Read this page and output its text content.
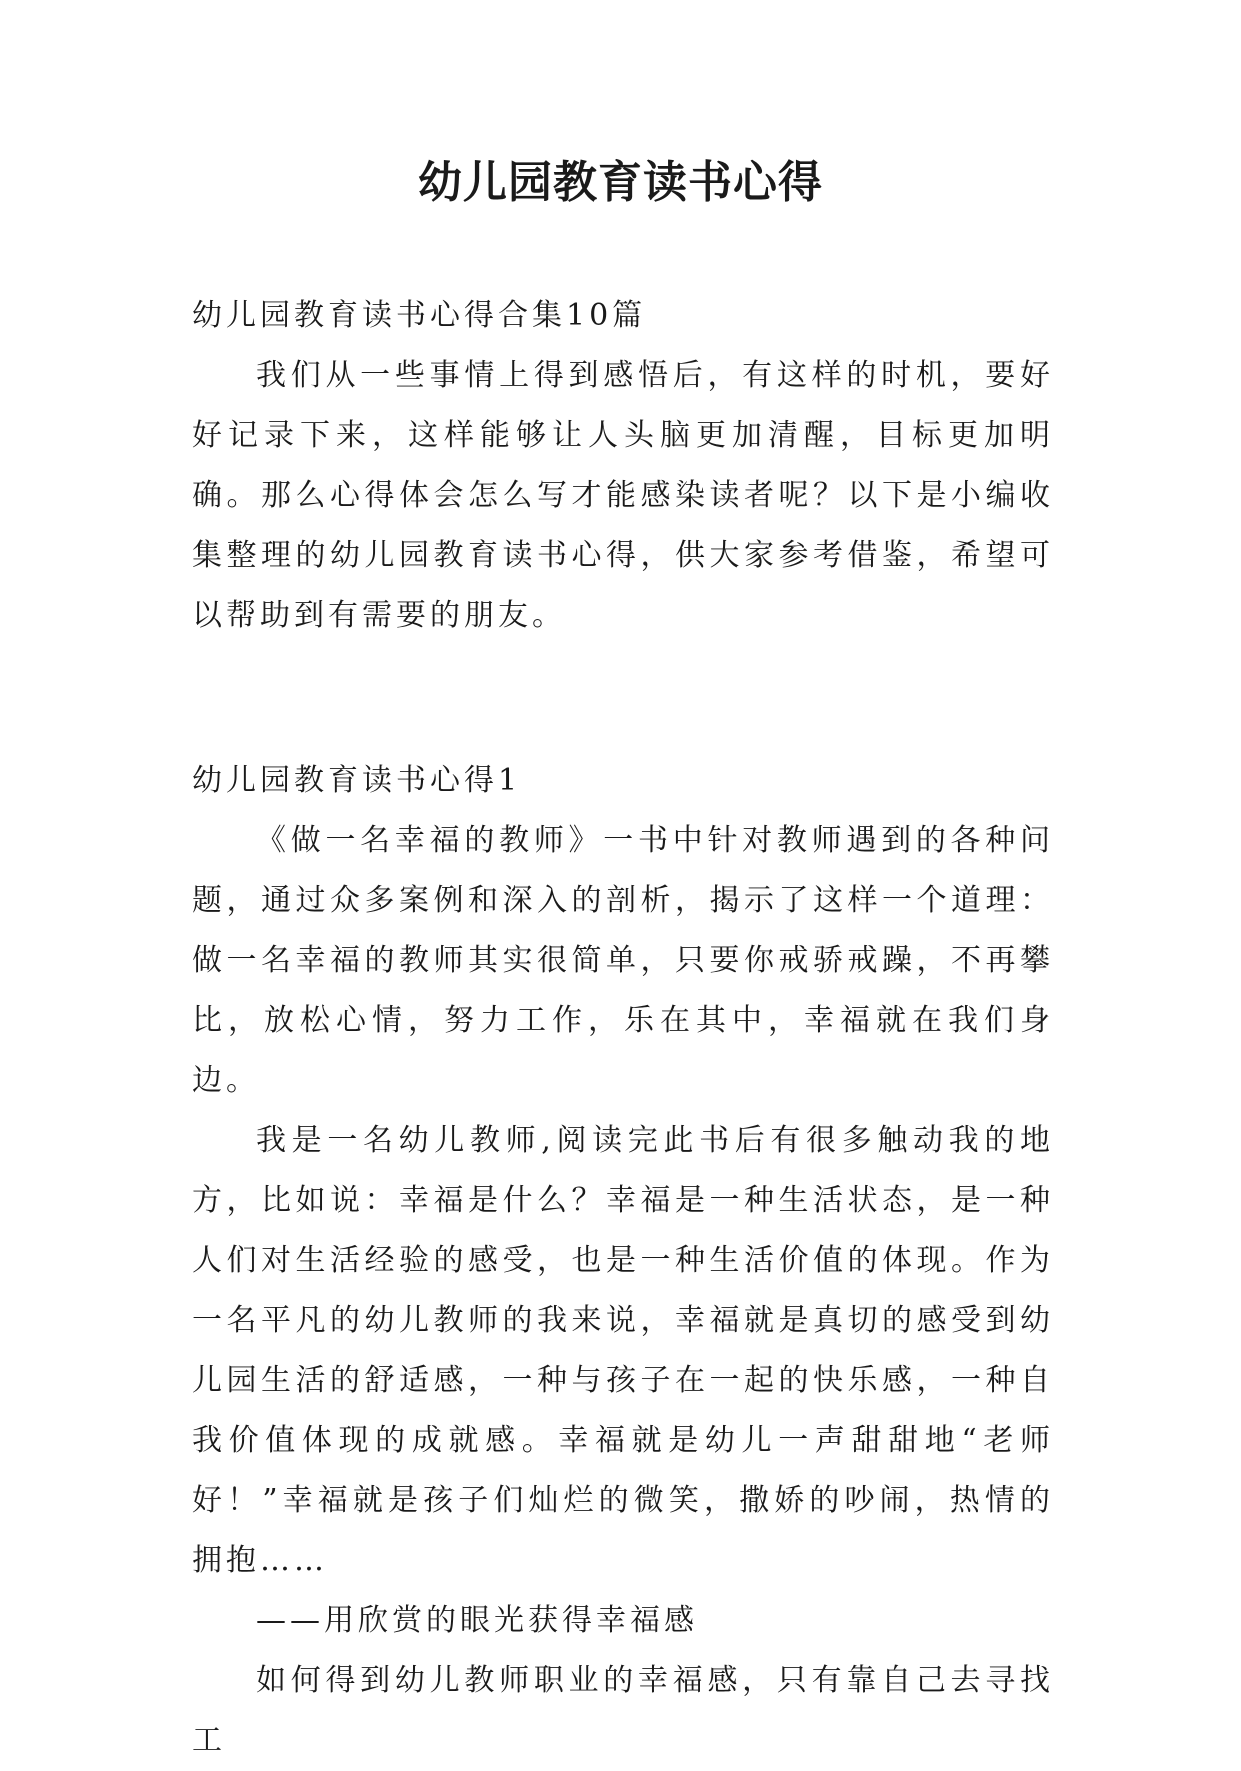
幼儿园教育读书心得
幼儿园教育读书心得合集10篇
我们从一些事情上得到感悟后，有这样的时机，要好好记录下来，这样能够让人头脑更加清醒，目标更加明确。那么心得体会怎么写才能感染读者呢？以下是小编收集整理的幼儿园教育读书心得，供大家参考借鉴，希望可以帮助到有需要的朋友。
幼儿园教育读书心得1
《做一名幸福的教师》一书中针对教师遇到的各种问题，通过众多案例和深入的剖析，揭示了这样一个道理：做一名幸福的教师其实很简单，只要你戒骄戒躁，不再攀比，放松心情，努力工作，乐在其中，幸福就在我们身边。
我是一名幼儿教师,阅读完此书后有很多触动我的地方，比如说：幸福是什么？幸福是一种生活状态，是一种人们对生活经验的感受，也是一种生活价值的体现。作为一名平凡的幼儿教师的我来说，幸福就是真切的感受到幼儿园生活的舒适感，一种与孩子在一起的快乐感，一种自我价值体现的成就感。幸福就是幼儿一声甜甜地“老师好！”幸福就是孩子们灿烂的微笑，撒娇的吵闹，热情的拥抱……
——用欣赏的眼光获得幸福感
如何得到幼儿教师职业的幸福感，只有靠自己去寻找工
